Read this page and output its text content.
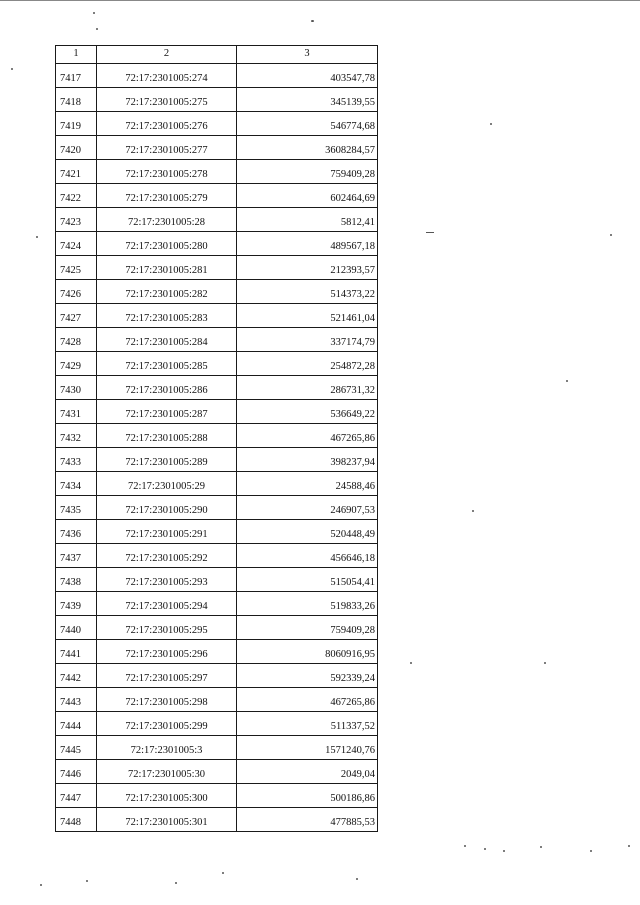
1	2	3
7417	72:17:2301005:274	403547,78
7418	72:17:2301005:275	345139,55
7419	72:17:2301005:276	546774,68
7420	72:17:2301005:277	3608284,57
7421	72:17:2301005:278	759409,28
7422	72:17:2301005:279	602464,69
7423	72:17:2301005:28	5812,41
7424	72:17:2301005:280	489567,18
7425	72:17:2301005:281	212393,57
7426	72:17:2301005:282	514373,22
7427	72:17:2301005:283	521461,04
7428	72:17:2301005:284	337174,79
7429	72:17:2301005:285	254872,28
7430	72:17:2301005:286	286731,32
7431	72:17:2301005:287	536649,22
7432	72:17:2301005:288	467265,86
7433	72:17:2301005:289	398237,94
7434	72:17:2301005:29	24588,46
7435	72:17:2301005:290	246907,53
7436	72:17:2301005:291	520448,49
7437	72:17:2301005:292	456646,18
7438	72:17:2301005:293	515054,41
7439	72:17:2301005:294	519833,26
7440	72:17:2301005:295	759409,28
7441	72:17:2301005:296	8060916,95
7442	72:17:2301005:297	592339,24
7443	72:17:2301005:298	467265,86
7444	72:17:2301005:299	511337,52
7445	72:17:2301005:3	1571240,76
7446	72:17:2301005:30	2049,04
7447	72:17:2301005:300	500186,86
7448	72:17:2301005:301	477885,53
